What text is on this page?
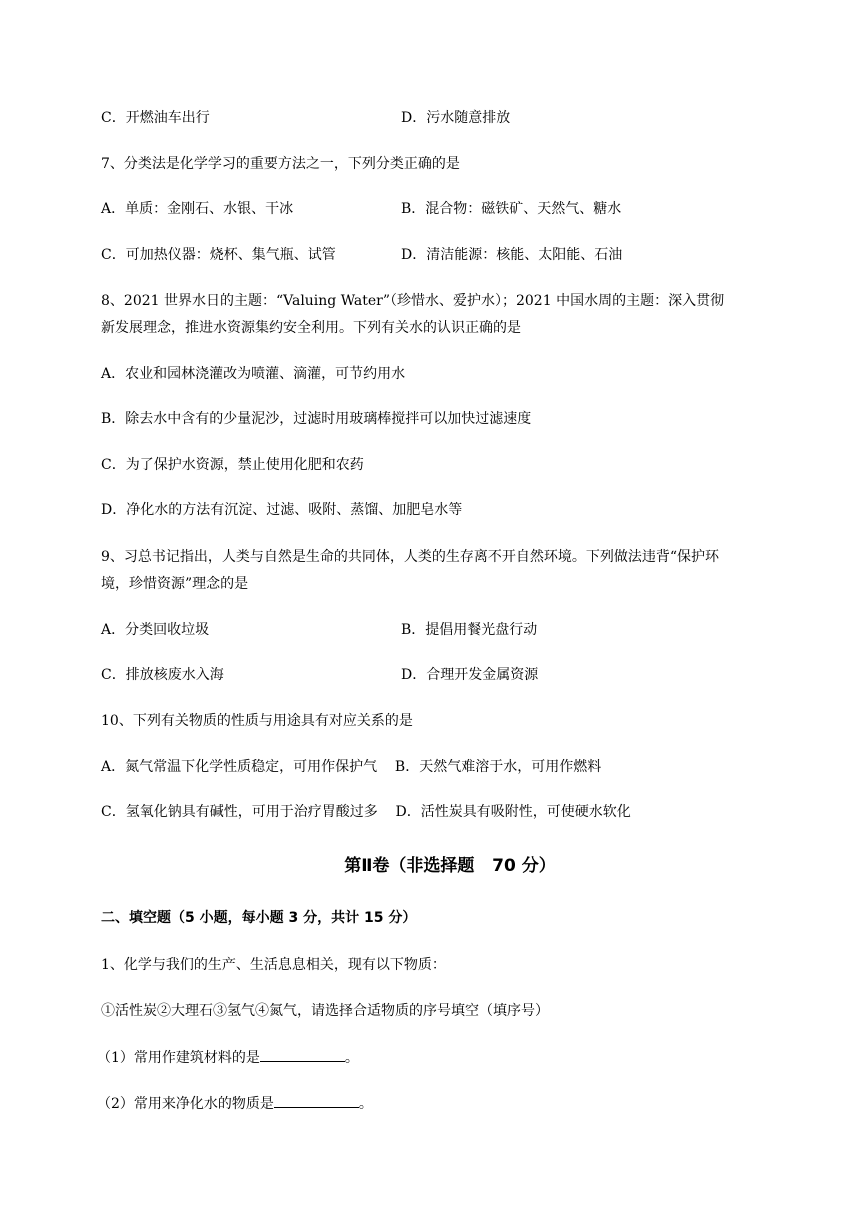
C．开燃油车出行	D．污水随意排放
7、分类法是化学学习的重要方法之一，下列分类正确的是
A．单质：金刚石、水银、干冰	B．混合物：磁铁矿、天然气、糖水
C．可加热仪器：烧杯、集气瓶、试管	D．清洁能源：核能、太阳能、石油
8、2021 世界水日的主题：“Valuing Water”（珍惜水、爱护水）；2021 中国水周的主题：深入贯彻
新发展理念，推进水资源集约安全利用。下列有关水的认识正确的是
A．农业和园林浇灌改为喷灌、滴灌，可节约用水
B．除去水中含有的少量泥沙，过滤时用玻璃棒搅拌可以加快过滤速度
C．为了保护水资源，禁止使用化肥和农药
D．净化水的方法有沉淀、过滤、吸附、蒸馏、加肥皂水等
9、习总书记指出，人类与自然是生命的共同体，人类的生存离不开自然环境。下列做法违背“保护环
境，珍惜资源”理念的是
A．分类回收垃圾	B．提倡用餐光盘行动
C．排放核废水入海	D．合理开发金属资源
10、下列有关物质的性质与用途具有对应关系的是
A．氮气常温下化学性质稳定，可用作保护气    B．天然气难溶于水，可用作燃料
C．氢氧化钠具有碱性，可用于治疗胃酸过多    D．活性炭具有吸附性，可使硬水软化
第Ⅱ卷（非选择题   70 分）
二、填空题（5 小题，每小题 3 分，共计 15 分）
1、化学与我们的生产、生活息息相关，现有以下物质：
①活性炭②大理石③氢气④氮气，请选择合适物质的序号填空（填序号）
（1）常用作建筑材料的是	。
（2）常用来净化水的物质是	。
